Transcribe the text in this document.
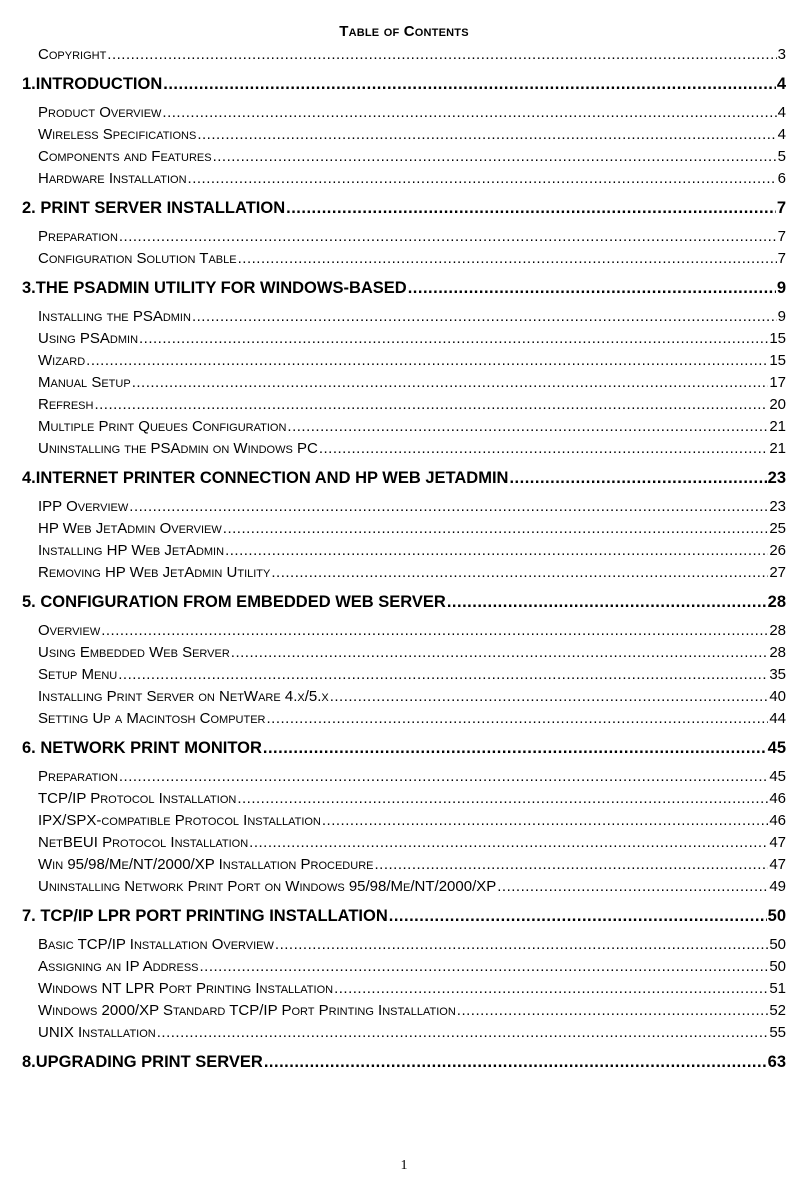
Table of Contents
Copyright .....	3
1.INTRODUCTION .....	4
Product Overview .....	4
Wireless Specifications .....	4
Components and Features .....	5
Hardware Installation .....	6
2. PRINT SERVER INSTALLATION .....	7
Preparation .....	7
Configuration Solution Table .....	7
3.THE PSADMIN UTILITY FOR WINDOWS-BASED .....	9
Installing the PSAdmin .....	9
Using PSAdmin .....	15
Wizard .....	15
Manual Setup .....	17
Refresh .....	20
Multiple Print Queues Configuration .....	21
Uninstalling the PSAdmin on Windows PC .....	21
4.INTERNET PRINTER CONNECTION AND HP WEB JETADMIN .....	23
IPP Overview .....	23
HP Web JetAdmin Overview .....	25
Installing HP Web JetAdmin .....	26
Removing HP Web JetAdmin Utility .....	27
5. CONFIGURATION FROM EMBEDDED WEB SERVER .....	28
Overview .....	28
Using Embedded Web Server .....	28
Setup Menu .....	35
Installing Print Server on NetWare 4.x/5.x .....	40
Setting Up a Macintosh Computer .....	44
6. NETWORK PRINT MONITOR .....	45
Preparation .....	45
TCP/IP Protocol Installation .....	46
IPX/SPX-compatible Protocol Installation .....	46
NetBEUI Protocol Installation .....	47
Win 95/98/Me/NT/2000/XP Installation Procedure .....	47
Uninstalling Network Print Port on Windows 95/98/Me/NT/2000/XP .....	49
7. TCP/IP LPR PORT PRINTING INSTALLATION .....	50
Basic TCP/IP Installation Overview .....	50
Assigning an IP Address .....	50
Windows NT LPR Port Printing Installation .....	51
Windows 2000/XP Standard TCP/IP Port Printing Installation .....	52
UNIX Installation .....	55
8.UPGRADING PRINT SERVER .....	63
1
